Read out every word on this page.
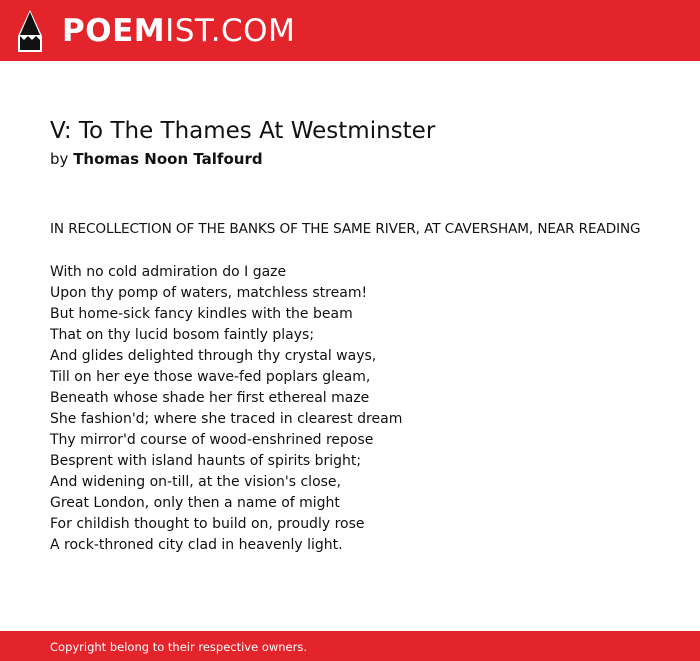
POEMIST.COM
V: To The Thames At Westminster
by Thomas Noon Talfourd
IN RECOLLECTION OF THE BANKS OF THE SAME RIVER, AT CAVERSHAM, NEAR READING
With no cold admiration do I gaze
Upon thy pomp of waters, matchless stream!
But home-sick fancy kindles with the beam
That on thy lucid bosom faintly plays;
And glides delighted through thy crystal ways,
Till on her eye those wave-fed poplars gleam,
Beneath whose shade her first ethereal maze
She fashion'd; where she traced in clearest dream
Thy mirror'd course of wood-enshrined repose
Besprent with island haunts of spirits bright;
And widening on-till, at the vision's close,
Great London, only then a name of might
For childish thought to build on, proudly rose
A rock-throned city clad in heavenly light.
Copyright belong to their respective owners.
